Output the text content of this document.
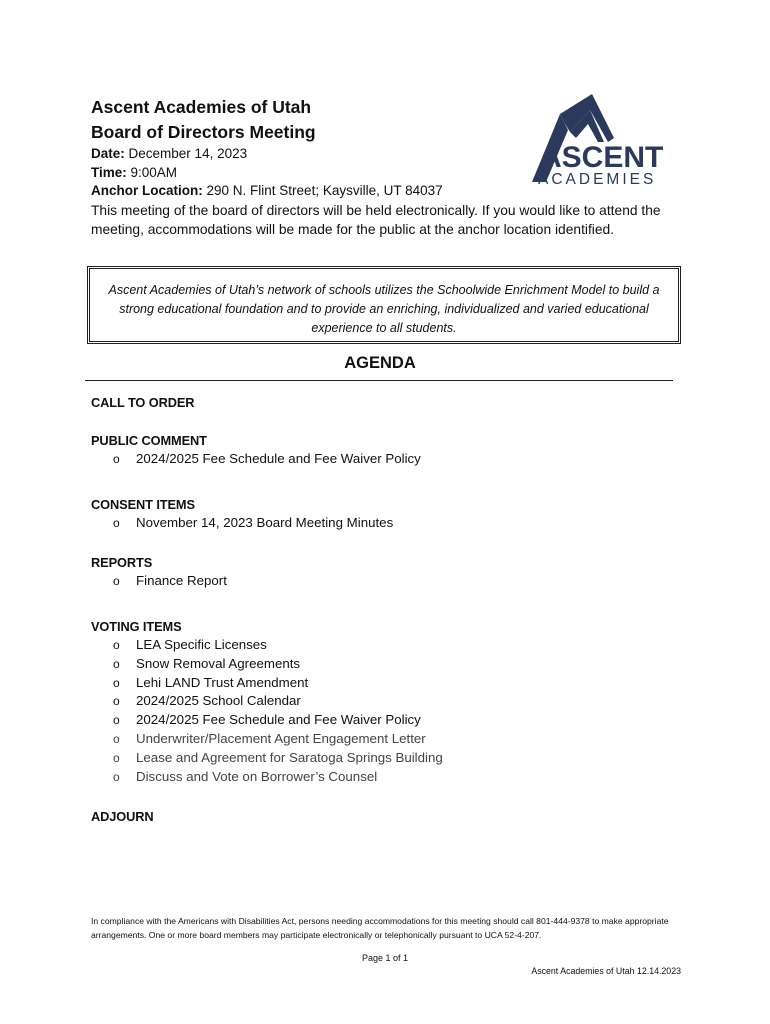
Ascent Academies of Utah
Board of Directors Meeting
Date: December 14, 2023
Time: 9:00AM
Anchor Location: 290 N. Flint Street; Kaysville, UT 84037
This meeting of the board of directors will be held electronically. If you would like to attend the meeting, accommodations will be made for the public at the anchor location identified.
ASCENT
ACADEMIES
Ascent Academies of Utah’s network of schools utilizes the Schoolwide Enrichment Model to build a strong educational foundation and to provide an enriching, individualized and varied educational experience to all students.
AGENDA
CALL TO ORDER
PUBLIC COMMENT
o 2024/2025 Fee Schedule and Fee Waiver Policy
CONSENT ITEMS
o November 14, 2023 Board Meeting Minutes
REPORTS
o Finance Report
VOTING ITEMS
o LEA Specific Licenses
o Snow Removal Agreements
o Lehi LAND Trust Amendment
o 2024/2025 School Calendar
o 2024/2025 Fee Schedule and Fee Waiver Policy
o Underwriter/Placement Agent Engagement Letter
o Lease and Agreement for Saratoga Springs Building
o Discuss and Vote on Borrower’s Counsel
ADJOURN
In compliance with the Americans with Disabilities Act, persons needing accommodations for this meeting should call 801-444-9378 to make appropriate arrangements. One or more board members may participate electronically or telephonically pursuant to UCA 52-4-207.
Page 1 of 1
Ascent Academies of Utah 12.14.2023
